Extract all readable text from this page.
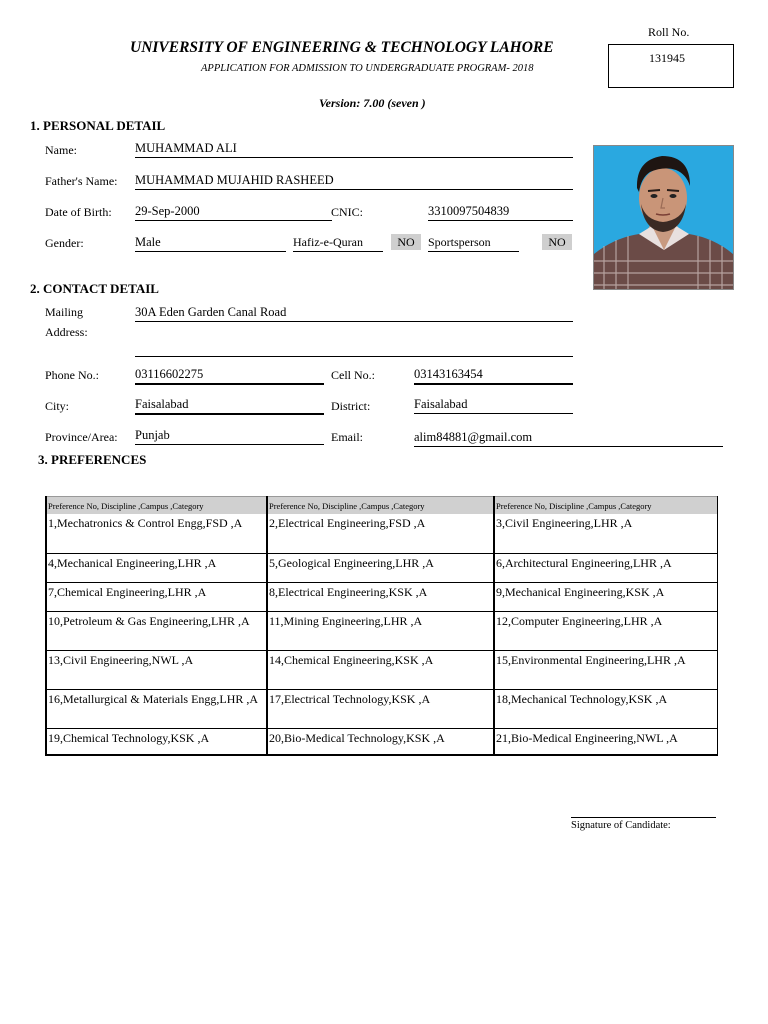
Roll No.
131945
UNIVERSITY OF ENGINEERING & TECHNOLOGY LAHORE
APPLICATION FOR ADMISSION TO UNDERGRADUATE PROGRAM- 2018
Version: 7.00 (seven )
1. PERSONAL DETAIL
Name:	MUHAMMAD ALI
Father's Name: MUHAMMAD MUJAHID RASHEED
Date of Birth: 29-Sep-2000	CNIC:	3310097504839
Gender:	Male	Hafiz-e-Quran	NO	Sportsperson	NO
2. CONTACT DETAIL
Mailing
Address:
30A Eden Garden Canal Road
Phone No.:	03116602275	Cell No.:	03143163454
City:	Faisalabad	District:	Faisalabad
Province/Area: Punjab	Email:	alim84881@gmail.com
3. PREFERENCES
Preference No, Discipline ,Campus ,Category	Preference No, Discipline ,Campus ,Category	Preference No, Discipline ,Campus ,Category
1,Mechatronics & Control Engg,FSD ,A	2,Electrical Engineering,FSD ,A	3,Civil Engineering,LHR ,A
4,Mechanical Engineering,LHR ,A	5,Geological Engineering,LHR ,A	6,Architectural Engineering,LHR ,A
7,Chemical Engineering,LHR ,A	8,Electrical Engineering,KSK ,A	9,Mechanical Engineering,KSK ,A
10,Petroleum & Gas Engineering,LHR ,A	11,Mining Engineering,LHR ,A	12,Computer Engineering,LHR ,A
13,Civil Engineering,NWL ,A	14,Chemical Engineering,KSK ,A	15,Environmental Engineering,LHR ,A
16,Metallurgical & Materials Engg,LHR ,A	17,Electrical Technology,KSK ,A	18,Mechanical Technology,KSK ,A
19,Chemical Technology,KSK ,A	20,Bio-Medical Technology,KSK ,A	21,Bio-Medical Engineering,NWL ,A
Signature of Candidate:
